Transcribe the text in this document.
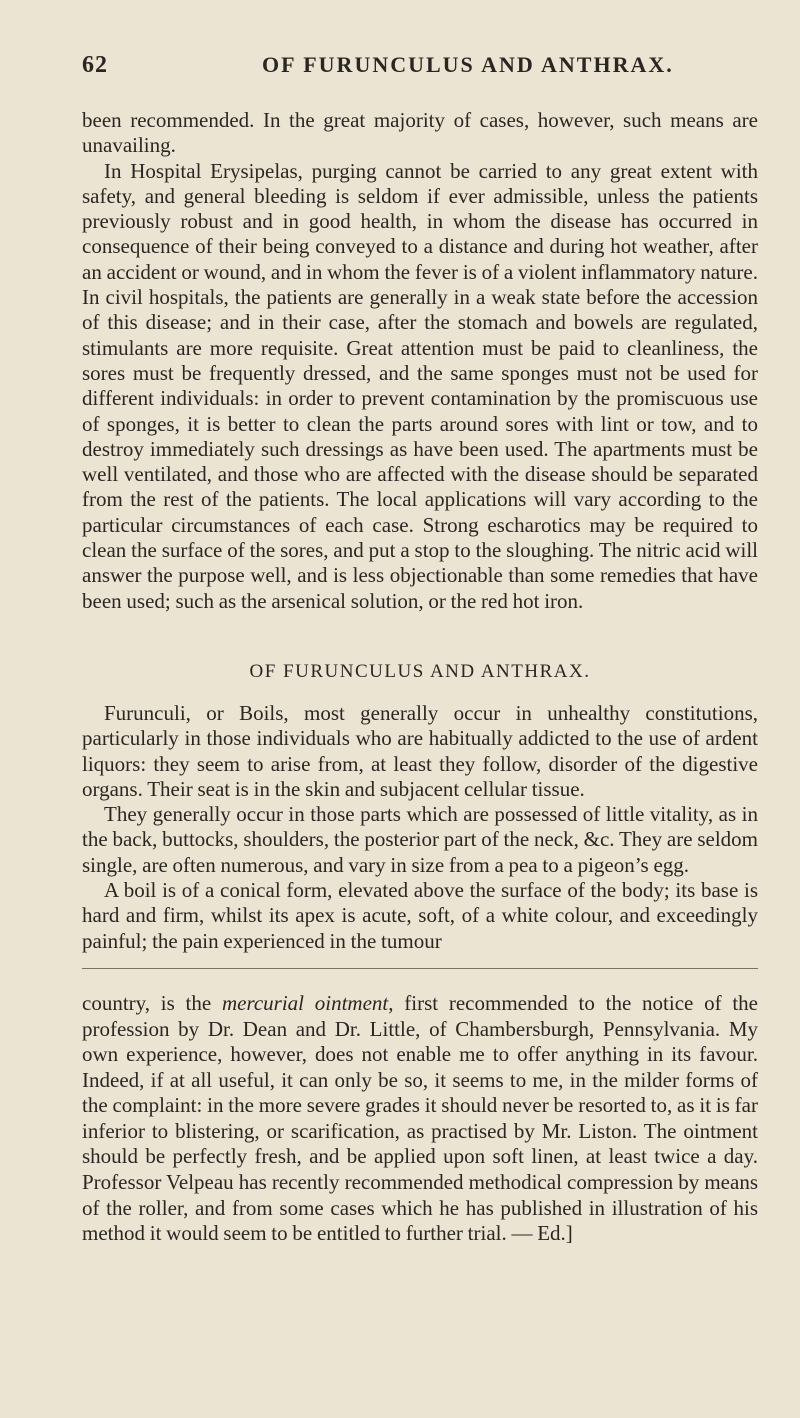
62	OF FURUNCULUS AND ANTHRAX.

been recommended. In the great majority of cases, however, such means are unavailing.

In Hospital Erysipelas, purging cannot be carried to any great extent with safety, and general bleeding is seldom if ever admissible, unless the patients previously robust and in good health, in whom the disease has occurred in consequence of their being conveyed to a distance and during hot weather, after an accident or wound, and in whom the fever is of a violent inflammatory nature. In civil hospitals, the patients are generally in a weak state before the accession of this disease; and in their case, after the stomach and bowels are regulated, stimulants are more requisite. Great attention must be paid to cleanliness, the sores must be frequently dressed, and the same sponges must not be used for different individuals: in order to prevent contamination by the promiscuous use of sponges, it is better to clean the parts around sores with lint or tow, and to destroy immediately such dressings as have been used. The apartments must be well ventilated, and those who are affected with the disease should be separated from the rest of the patients. The local applications will vary according to the particular circumstances of each case. Strong escharotics may be required to clean the surface of the sores, and put a stop to the sloughing. The nitric acid will answer the purpose well, and is less objectionable than some remedies that have been used; such as the arsenical solution, or the red hot iron.

OF FURUNCULUS AND ANTHRAX.

Furunculi, or Boils, most generally occur in unhealthy constitutions, particularly in those individuals who are habitually addicted to the use of ardent liquors: they seem to arise from, at least they follow, disorder of the digestive organs. Their seat is in the skin and subjacent cellular tissue.

They generally occur in those parts which are possessed of little vitality, as in the back, buttocks, shoulders, the posterior part of the neck, &c. They are seldom single, are often numerous, and vary in size from a pea to a pigeon’s egg.

A boil is of a conical form, elevated above the surface of the body; its base is hard and firm, whilst its apex is acute, soft, of a white colour, and exceedingly painful; the pain experienced in the tumour

country, is the mercurial ointment, first recommended to the notice of the profession by Dr. Dean and Dr. Little, of Chambersburgh, Pennsylvania. My own experience, however, does not enable me to offer anything in its favour. Indeed, if at all useful, it can only be so, it seems to me, in the milder forms of the complaint: in the more severe grades it should never be resorted to, as it is far inferior to blistering, or scarification, as practised by Mr. Liston. The ointment should be perfectly fresh, and be applied upon soft linen, at least twice a day. Professor Velpeau has recently recommended methodical compression by means of the roller, and from some cases which he has published in illustration of his method it would seem to be entitled to further trial. — Ed.]
